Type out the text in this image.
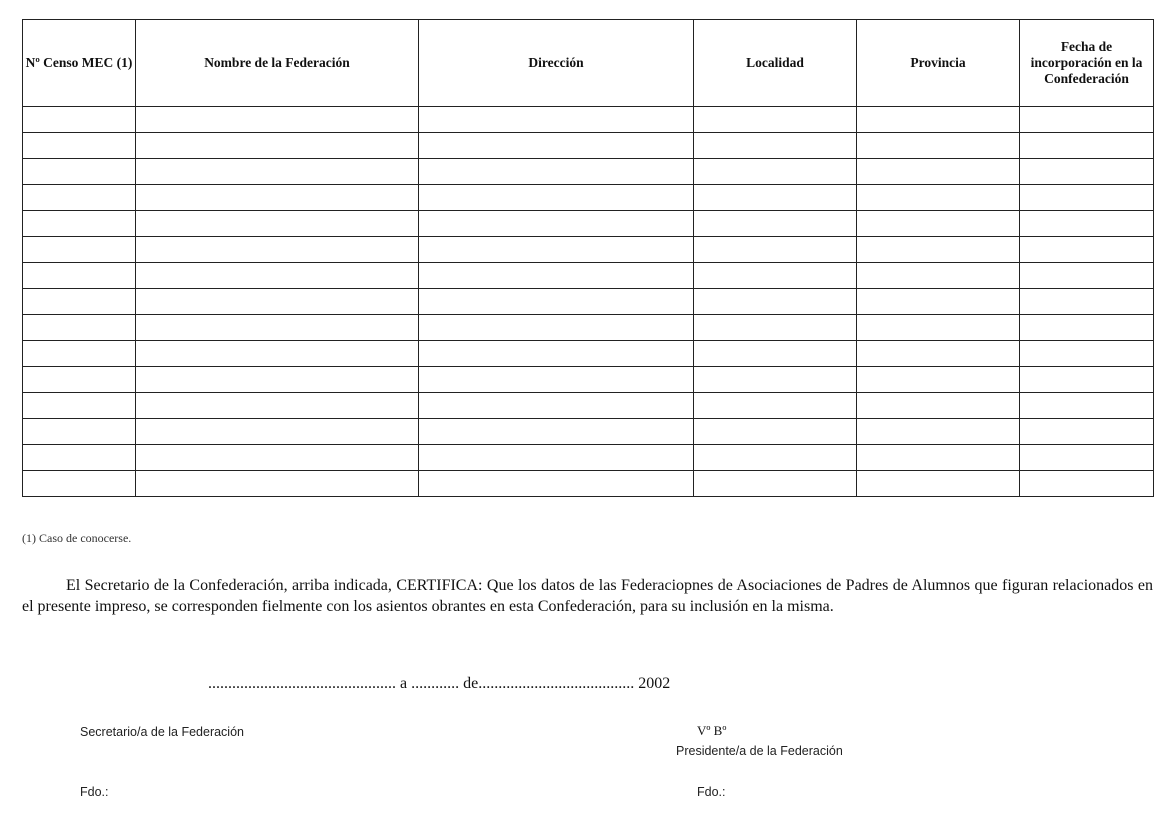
Nº Censo MEC (1)	Nombre de la Federación	Dirección	Localidad	Provincia	Fecha de incorporación en la Confederación

(1) Caso de conocerse.

El Secretario de la Confederación, arriba indicada, CERTIFICA: Que los datos de las Federaciopnes de Asociaciones de Padres de Alumnos que figuran relacionados en el presente impreso, se corresponden fielmente con los asientos obrantes en esta Confederación, para su inclusión en la misma.

............................................... a ............ de....................................... 2002
Secretario/a de la Federación	Vº Bº
Presidente/a de la Federación
Fdo.:	Fdo.:
